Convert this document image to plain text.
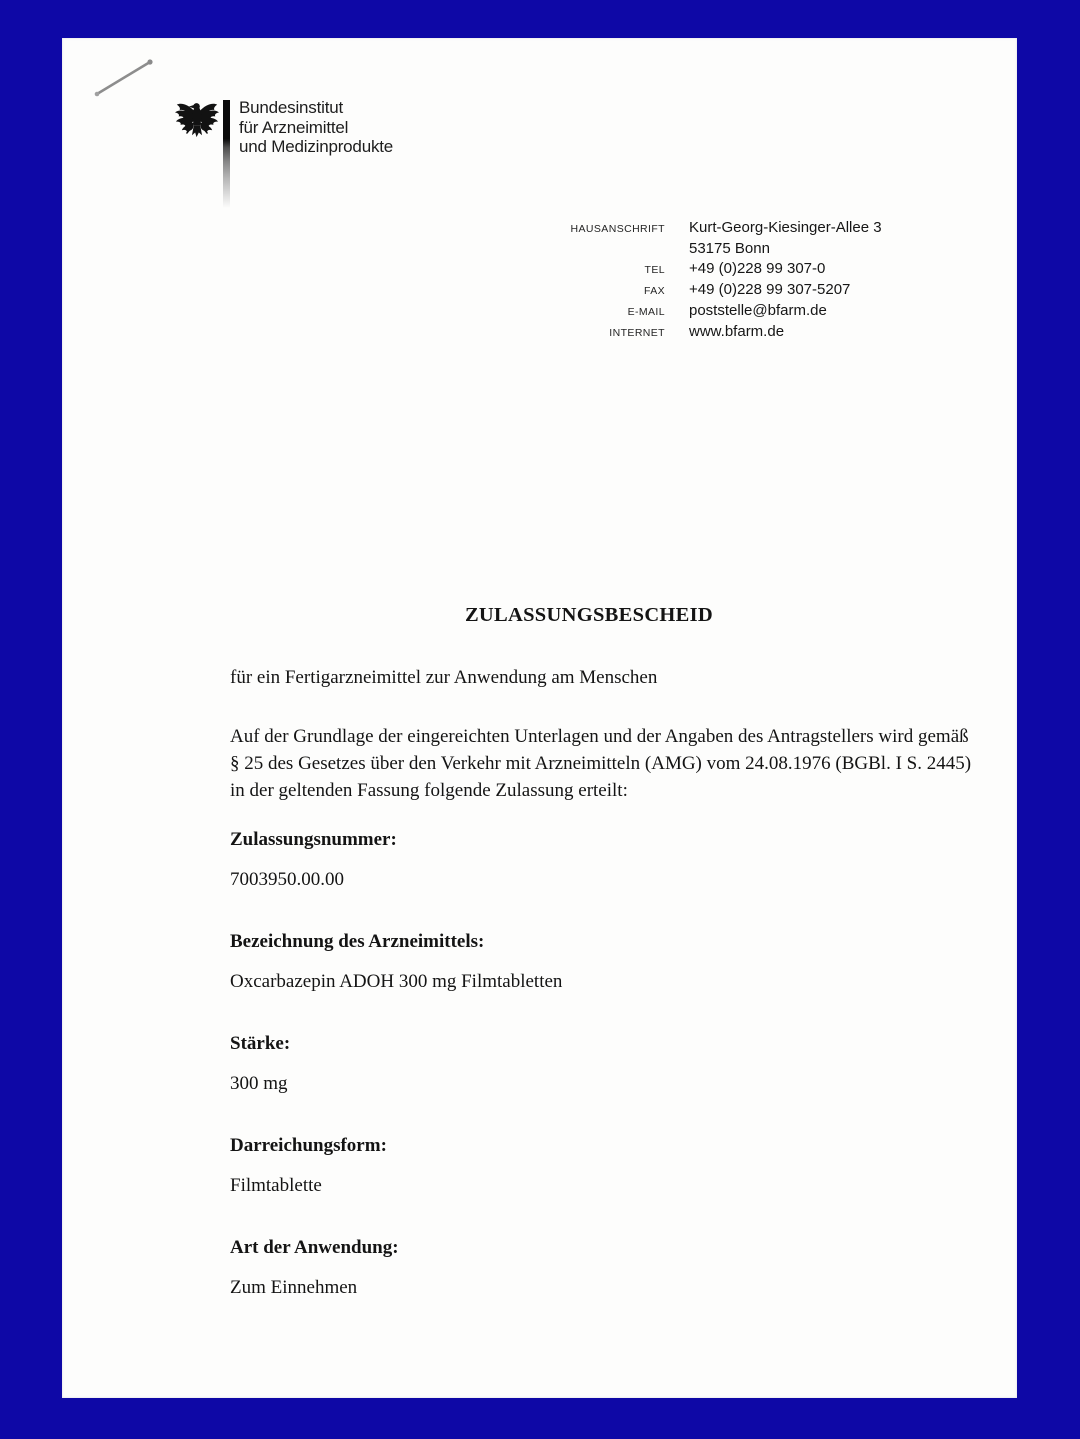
Bundesinstitut
für Arzneimittel
und Medizinprodukte
HAUSANSCHRIFT Kurt-Georg-Kiesinger-Allee 3
53175 Bonn
TEL +49 (0)228 99 307-0
FAX +49 (0)228 99 307-5207
E-MAIL poststelle@bfarm.de
INTERNET www.bfarm.de
ZULASSUNGSBESCHEID
für ein Fertigarzneimittel zur Anwendung am Menschen
Auf der Grundlage der eingereichten Unterlagen und der Angaben des Antragstellers wird gemäß
§ 25 des Gesetzes über den Verkehr mit Arzneimitteln (AMG) vom 24.08.1976 (BGBl. I S. 2445)
in der geltenden Fassung folgende Zulassung erteilt:
Zulassungsnummer:
7003950.00.00
Bezeichnung des Arzneimittels:
Oxcarbazepin ADOH 300 mg Filmtabletten
Stärke:
300 mg
Darreichungsform:
Filmtablette
Art der Anwendung:
Zum Einnehmen
